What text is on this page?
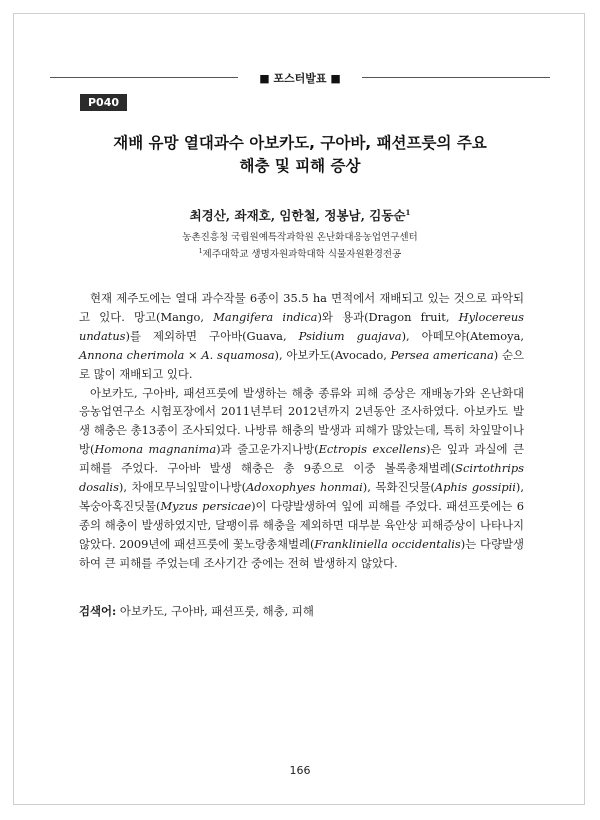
■ 포스터발표 ■
P040
재배 유망 열대과수 아보카도, 구아바, 패션프룻의 주요
해충 및 피해 증상
최경산, 좌재호, 임한철, 정봉남, 김동순$^1$
농촌진흥청 국립원예특작과학원 온난화대응농업연구센터
$^1$제주대학교 생명자원과학대학 식물자원환경전공

현재 제주도에는 열대 과수작물 6종이 35.5 ha 면적에서 재배되고 있는 것으로 파악되고 있다. 망고(Mango, Mangifera indica)와 용과(Dragon fruit, Hylocereus undatus)를 제외하면 구아바(Guava, Psidium guajava), 아떼모야(Atemoya, Annona cherimola × A. squamosa), 아보카도(Avocado, Persea americana) 순으로 많이 재배되고 있다.

아보카도, 구아바, 패션프룻에 발생하는 해충 종류와 피해 증상은 재배농가와 온난화대응농업연구소 시험포장에서 2011년부터 2012년까지 2년동안 조사하였다. 아보카도 발생 해충은 총13종이 조사되었다. 나방류 해충의 발생과 피해가 많았는데, 특히 차잎말이나방(Homona magnanima)과 줄고운가지나방(Ectropis excellens)은 잎과 과실에 큰 피해를 주었다. 구아바 발생 해충은 총 9종으로 이중 볼록총채벌레(Scirtothrips dosalis), 차애모무늬잎말이나방(Adoxophyes honmai), 목화진딧물(Aphis gossipii), 복숭아혹진딧물(Myzus persicae)이 다량발생하여 잎에 피해를 주었다. 패션프룻에는 6종의 해충이 발생하였지만, 달팽이류 해충을 제외하면 대부분 육안상 피해증상이 나타나지 않았다. 2009년에 패션프룻에 꽃노랑총채벌레(Frankliniella occidentalis)는 다량발생하여 큰 피해를 주었는데 조사기간 중에는 전혀 발생하지 않았다.

검색어: 아보카도, 구아바, 패션프룻, 해충, 피해
166
